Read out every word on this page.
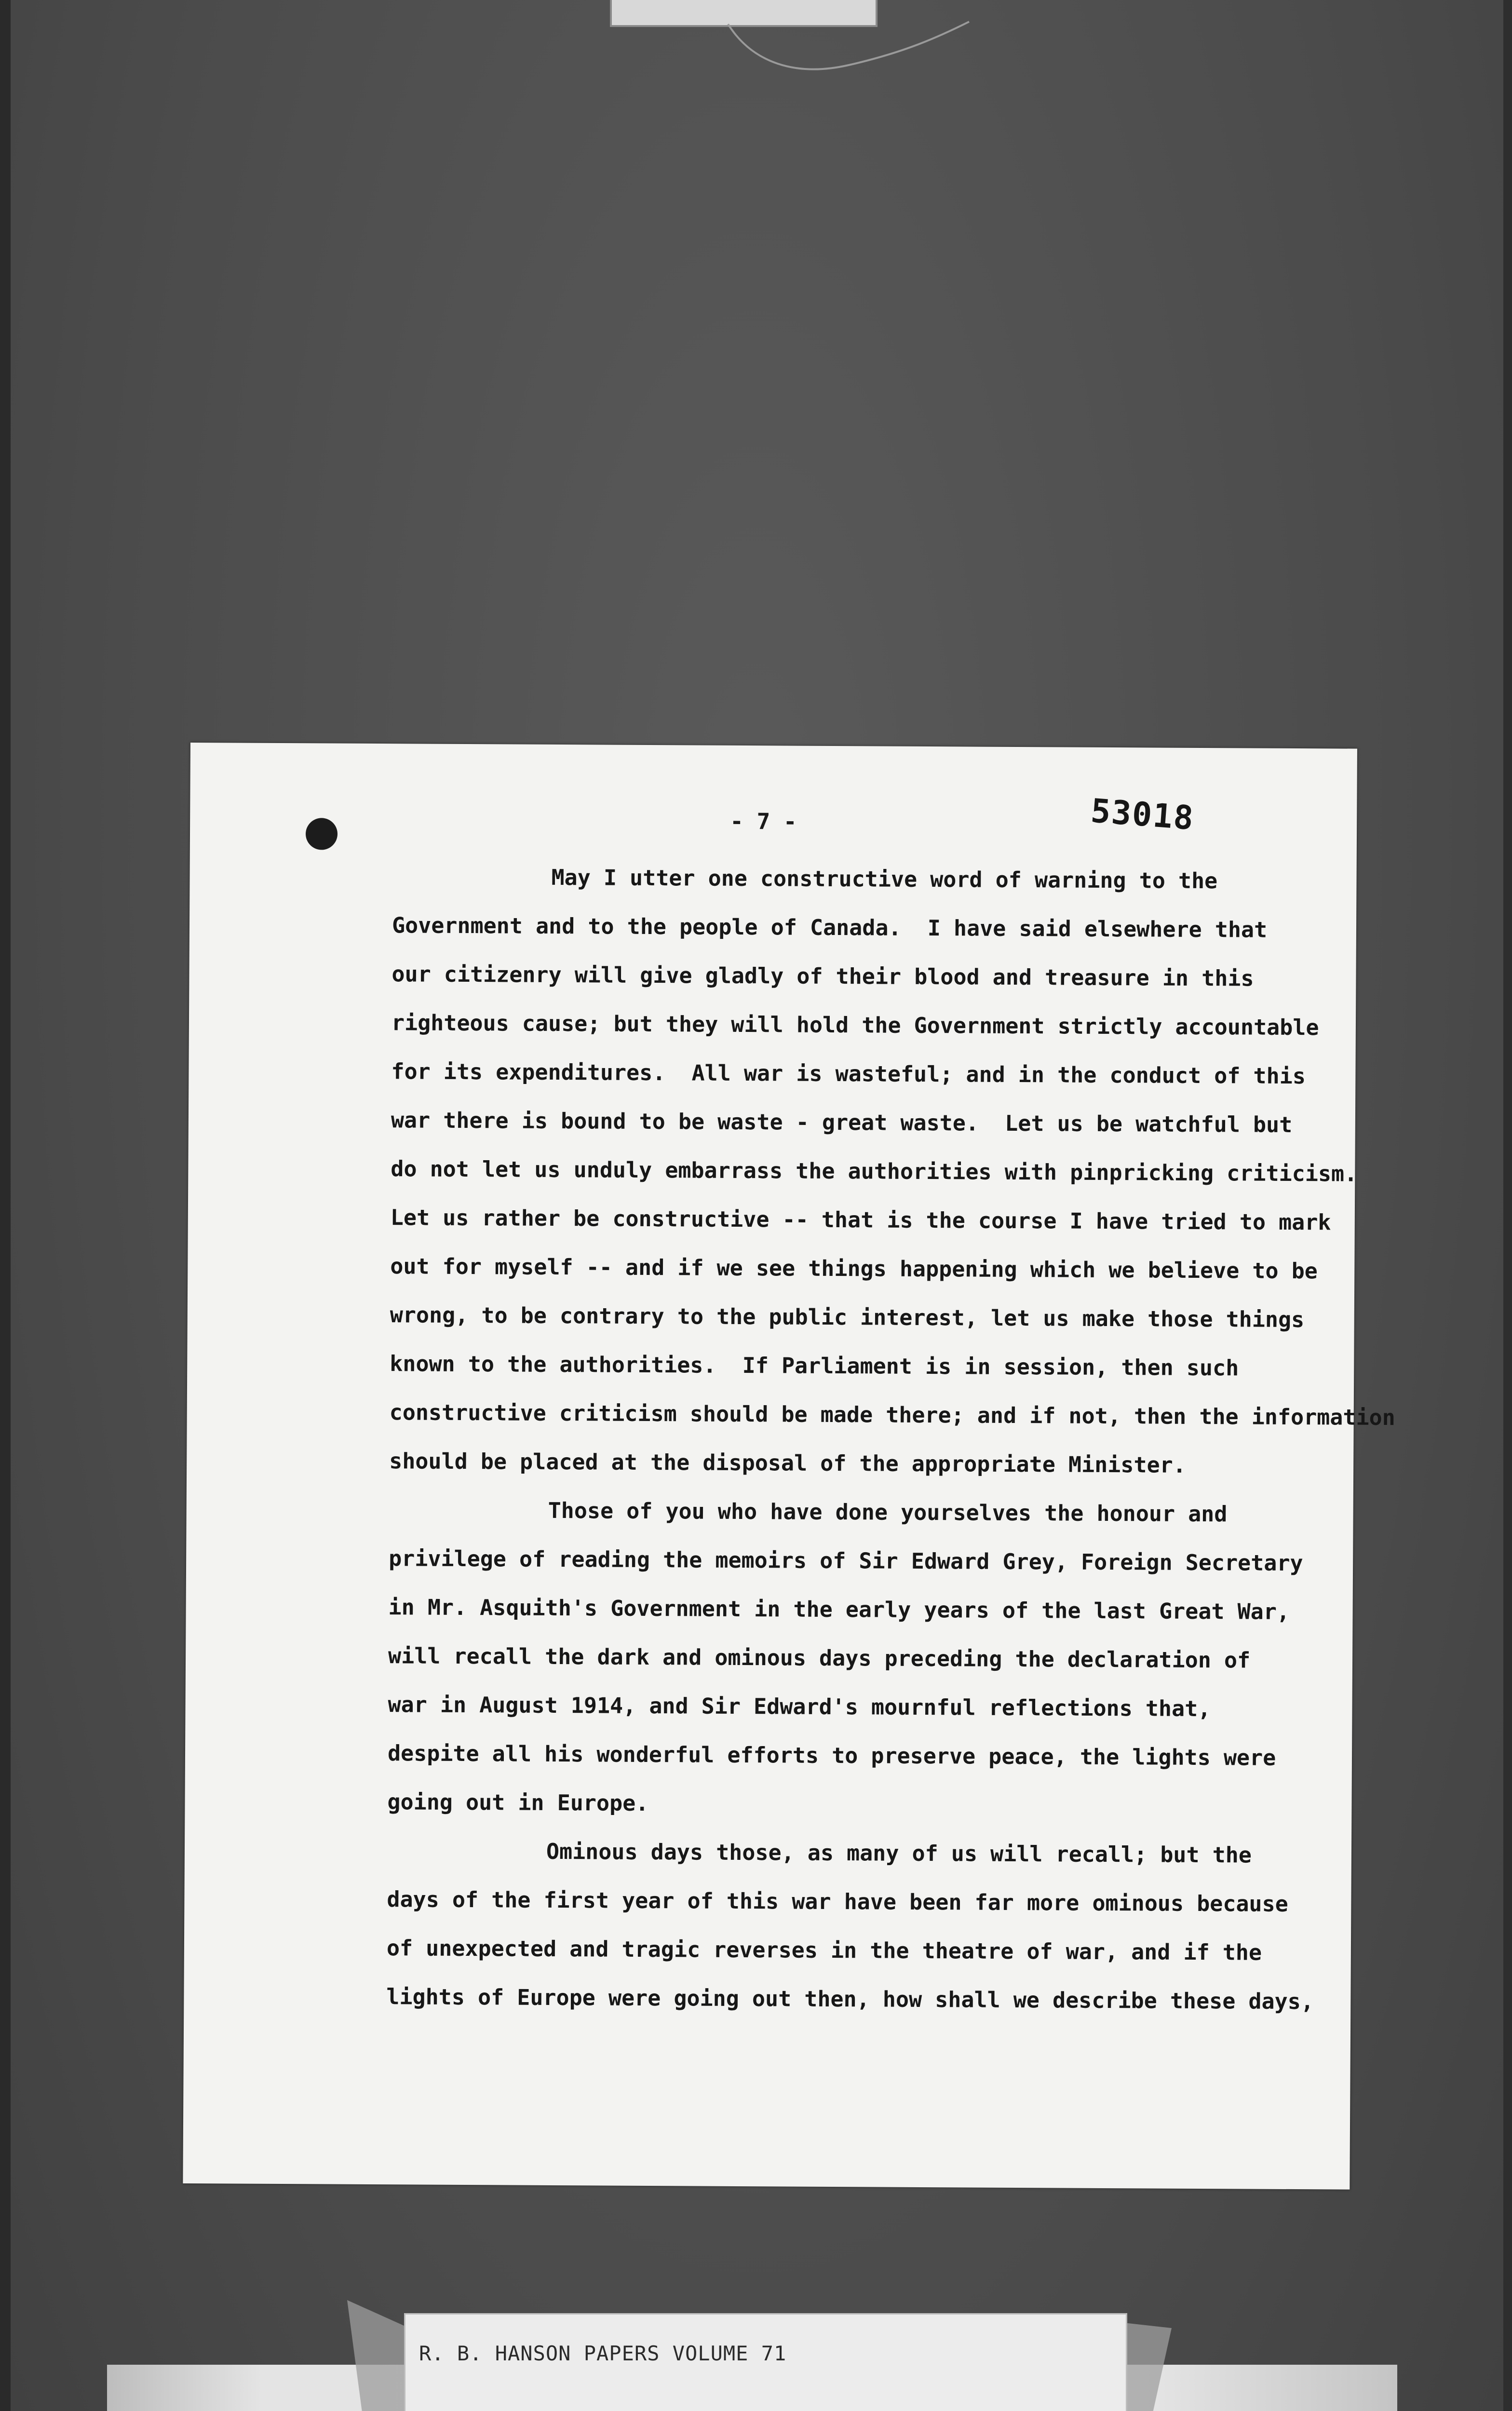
- 7 -	53018
May I utter one constructive word of warning to the
Government and to the people of Canada.  I have said elsewhere that
our citizenry will give gladly of their blood and treasure in this
righteous cause; but they will hold the Government strictly accountable
for its expenditures.  All war is wasteful; and in the conduct of this
war there is bound to be waste - great waste.  Let us be watchful but
do not let us unduly embarrass the authorities with pinpricking criticism.
Let us rather be constructive -- that is the course I have tried to mark
out for myself -- and if we see things happening which we believe to be
wrong, to be contrary to the public interest, let us make those things
known to the authorities.  If Parliament is in session, then such
constructive criticism should be made there; and if not, then the information
should be placed at the disposal of the appropriate Minister.
Those of you who have done yourselves the honour and
privilege of reading the memoirs of Sir Edward Grey, Foreign Secretary
in Mr. Asquith's Government in the early years of the last Great War,
will recall the dark and ominous days preceding the declaration of
war in August 1914, and Sir Edward's mournful reflections that,
despite all his wonderful efforts to preserve peace, the lights were
going out in Europe.
Ominous days those, as many of us will recall; but the
days of the first year of this war have been far more ominous because
of unexpected and tragic reverses in the theatre of war, and if the
lights of Europe were going out then, how shall we describe these days,
R. B. HANSON PAPERS VOLUME 71
